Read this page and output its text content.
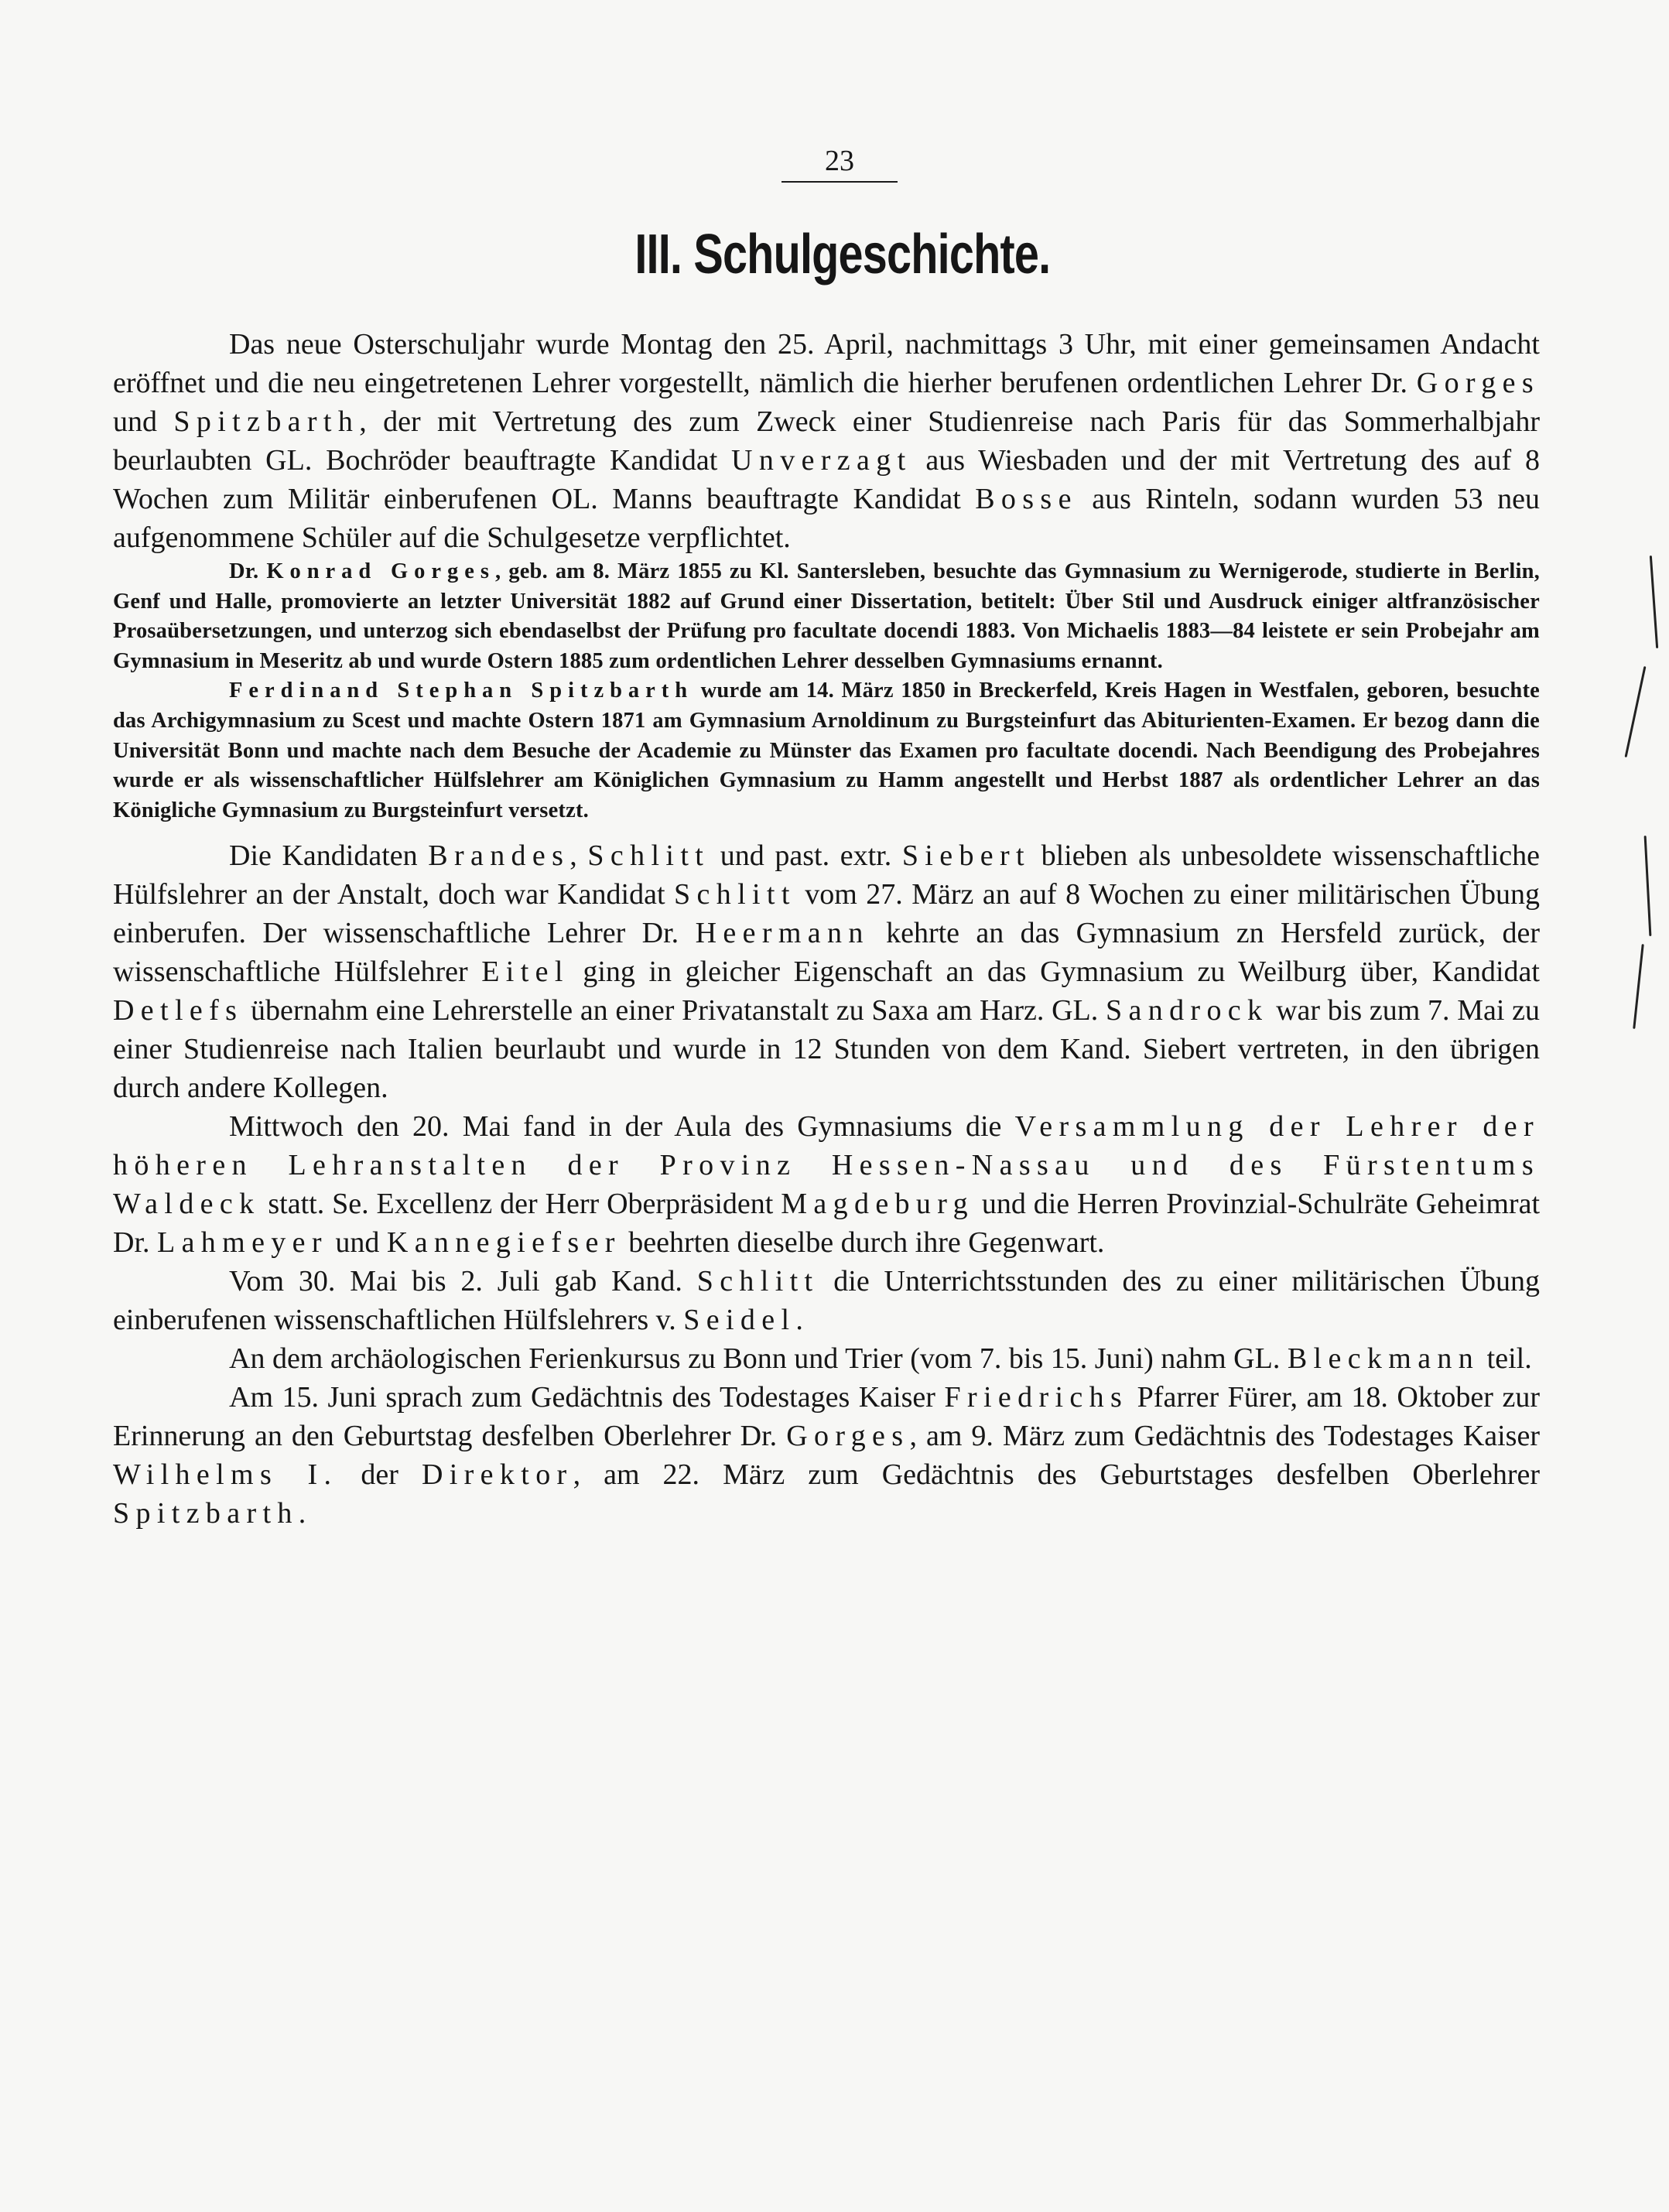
23
III. Schulgeschichte.

Das neue Osterschuljahr wurde Montag den 25. April, nachmittags 3 Uhr, mit einer gemeinsamen Andacht eröffnet und die neu eingetretenen Lehrer vorgestellt, nämlich die hierher berufenen ordentlichen Lehrer Dr. Gorges und Spitzbarth, der mit Vertretung des zum Zweck einer Studienreise nach Paris für das Sommerhalbjahr beurlaubten GL. Bochröder beauftragte Kandidat Unverzagt aus Wiesbaden und der mit Vertretung des auf 8 Wochen zum Militär einberufenen OL. Manns beauftragte Kandidat Bosse aus Rinteln, sodann wurden 53 neu aufgenommene Schüler auf die Schulgesetze verpflichtet.

Dr. Konrad Gorges, geb. am 8. März 1855 zu Kl. Santersleben, besuchte das Gymnasium zu Wernigerode, studierte in Berlin, Genf und Halle, promovierte an letzter Universität 1882 auf Grund einer Dissertation, betitelt: Über Stil und Ausdruck einiger altfranzösischer Prosaübersetzungen, und unterzog sich ebendaselbst der Prüfung pro facultate docendi 1883. Von Michaelis 1883—84 leistete er sein Probejahr am Gymnasium in Meseritz ab und wurde Ostern 1885 zum ordentlichen Lehrer desselben Gymnasiums ernannt.

Ferdinand Stephan Spitzbarth wurde am 14. März 1850 in Breckerfeld, Kreis Hagen in Westfalen, geboren, besuchte das Archigymnasium zu Scest und machte Ostern 1871 am Gymnasium Arnoldinum zu Burgsteinfurt das Abiturienten-Examen. Er bezog dann die Universität Bonn und machte nach dem Besuche der Academie zu Münster das Examen pro facultate docendi. Nach Beendigung des Probejahres wurde er als wissenschaftlicher Hülfslehrer am Königlichen Gymnasium zu Hamm angestellt und Herbst 1887 als ordentlicher Lehrer an das Königliche Gymnasium zu Burgsteinfurt versetzt.

Die Kandidaten Brandes, Schlitt und past. extr. Siebert blieben als unbesoldete wissenschaftliche Hülfslehrer an der Anstalt, doch war Kandidat Schlitt vom 27. März an auf 8 Wochen zu einer militärischen Übung einberufen. Der wissenschaftliche Lehrer Dr. Heermann kehrte an das Gymnasium zn Hersfeld zurück, der wissenschaftliche Hülfslehrer Eitel ging in gleicher Eigenschaft an das Gymnasium zu Weilburg über, Kandidat Detlefs übernahm eine Lehrerstelle an einer Privatanstalt zu Saxa am Harz. GL. Sandrock war bis zum 7. Mai zu einer Studienreise nach Italien beurlaubt und wurde in 12 Stunden von dem Kand. Siebert vertreten, in den übrigen durch andere Kollegen.

Mittwoch den 20. Mai fand in der Aula des Gymnasiums die Versammlung der Lehrer der höheren Lehranstalten der Provinz Hessen-Nassau und des Fürstentums Waldeck statt. Se. Excellenz der Herr Oberpräsident Magdeburg und die Herren Provinzial-Schulräte Geheimrat Dr. Lahmeyer und Kannegiefser beehrten dieselbe durch ihre Gegenwart.

Vom 30. Mai bis 2. Juli gab Kand. Schlitt die Unterrichtsstunden des zu einer militärischen Übung einberufenen wissenschaftlichen Hülfslehrers v. Seidel.

An dem archäologischen Ferienkursus zu Bonn und Trier (vom 7. bis 15. Juni) nahm GL. Bleckmann teil.

Am 15. Juni sprach zum Gedächtnis des Todestages Kaiser Friedrichs Pfarrer Fürer, am 18. Oktober zur Erinnerung an den Geburtstag desfelben Oberlehrer Dr. Gorges, am 9. März zum Gedächtnis des Todestages Kaiser Wilhelms I. der Direktor, am 22. März zum Gedächtnis des Geburtstages desfelben Oberlehrer Spitzbarth.
